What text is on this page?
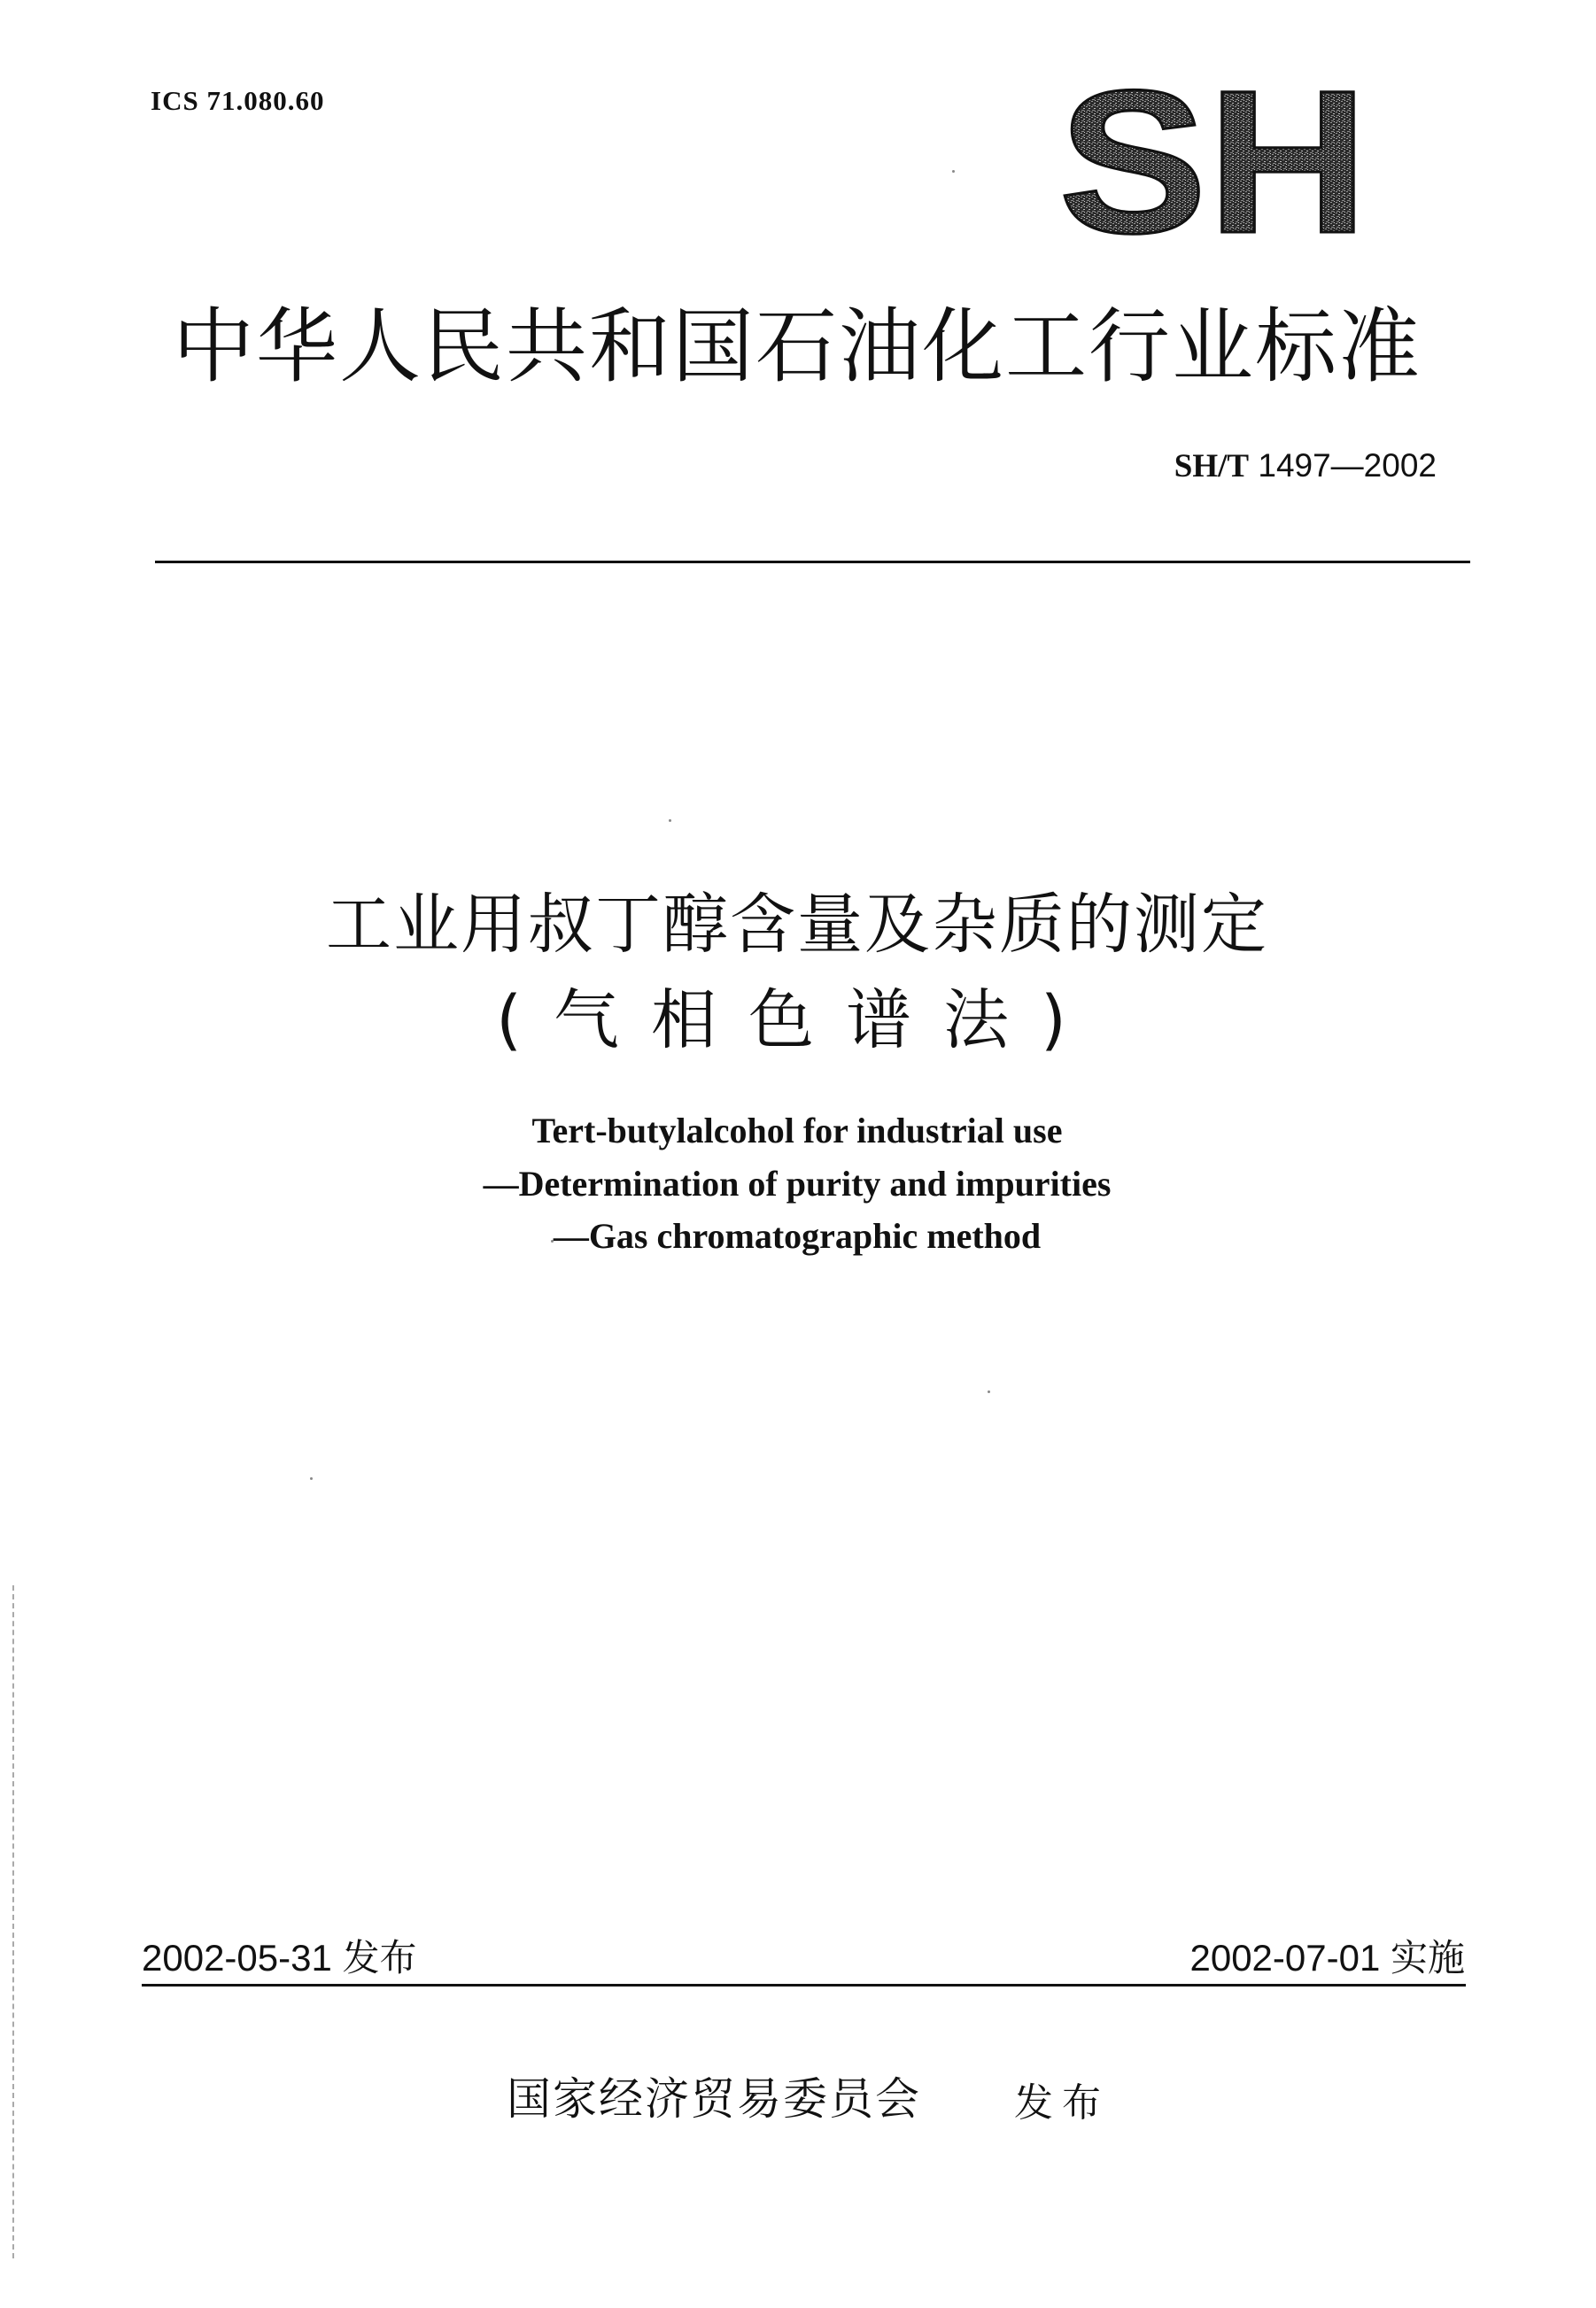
ICS 71.080.60	SH
中华人民共和国石油化工行业标准
SH/T 1497—2002
工业用叔丁醇含量及杂质的测定
(气相色谱法)
Tert-butylalcohol for industrial use
—Determination of purity and impurities
—Gas chromatographic method
2002-05-31 发布	2002-07-01 实施
国家经济贸易委员会 发布
